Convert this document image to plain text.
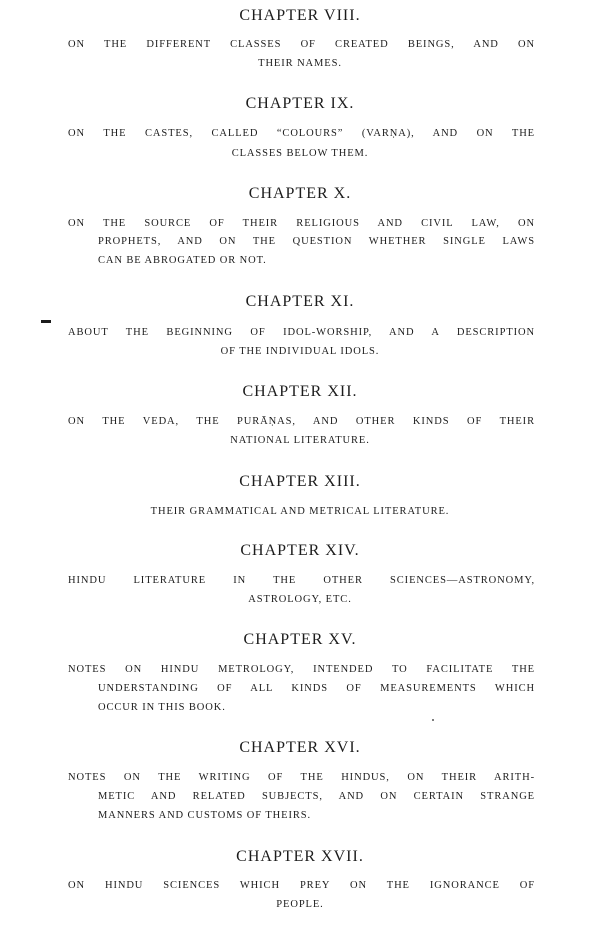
CHAPTER VIII.
ON THE DIFFERENT CLASSES OF CREATED BEINGS, AND ON
THEIR NAMES.
CHAPTER IX.
ON THE CASTES, CALLED “COLOURS” (VARṆA), AND ON THE
CLASSES BELOW THEM.
CHAPTER X.
ON THE SOURCE OF THEIR RELIGIOUS AND CIVIL LAW, ON
PROPHETS, AND ON THE QUESTION WHETHER SINGLE LAWS
CAN BE ABROGATED OR NOT.
CHAPTER XI.
ABOUT THE BEGINNING OF IDOL-WORSHIP, AND A DESCRIPTION
OF THE INDIVIDUAL IDOLS.
CHAPTER XII.
ON THE VEDA, THE PURĀṆAS, AND OTHER KINDS OF THEIR
NATIONAL LITERATURE.
CHAPTER XIII.
THEIR GRAMMATICAL AND METRICAL LITERATURE.
CHAPTER XIV.
HINDU LITERATURE IN THE OTHER SCIENCES—ASTRONOMY,
ASTROLOGY, ETC.
CHAPTER XV.
NOTES ON HINDU METROLOGY, INTENDED TO FACILITATE THE
UNDERSTANDING OF ALL KINDS OF MEASUREMENTS WHICH
OCCUR IN THIS BOOK.
CHAPTER XVI.
NOTES ON THE WRITING OF THE HINDUS, ON THEIR ARITH-
METIC AND RELATED SUBJECTS, AND ON CERTAIN STRANGE
MANNERS AND CUSTOMS OF THEIRS.
CHAPTER XVII.
ON HINDU SCIENCES WHICH PREY ON THE IGNORANCE OF
PEOPLE.
